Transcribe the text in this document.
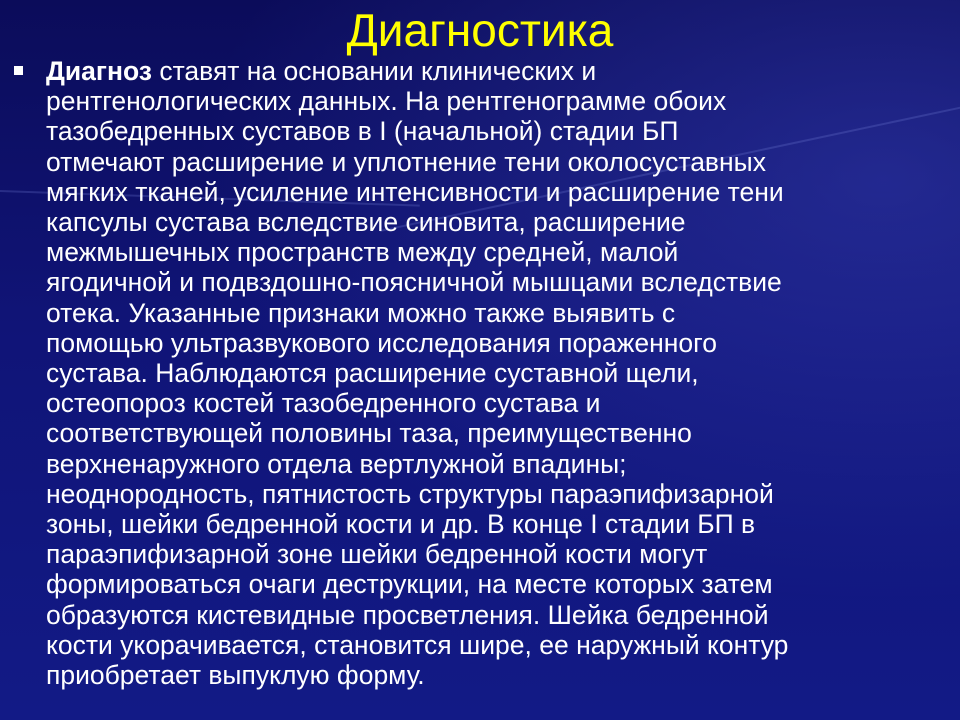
Диагностика

Диагноз ставят на основании клинических и
рентгенологических данных. На рентгенограмме обоих
тазобедренных суставов в I (начальной) стадии БП
отмечают расширение и уплотнение тени околосуставных
мягких тканей, усиление интенсивности и расширение тени
капсулы сустава вследствие синовита, расширение
межмышечных пространств между средней, малой
ягодичной и подвздошно-поясничной мышцами вследствие
отека. Указанные признаки можно также выявить с
помощью ультразвукового исследования пораженного
сустава. Наблюдаются расширение суставной щели,
остеопороз костей тазобедренного сустава и
соответствующей половины таза, преимущественно
верхненаружного отдела вертлужной впадины;
неоднородность, пятнистость структуры параэпифизарной
зоны, шейки бедренной кости и др. В конце I стадии БП в
параэпифизарной зоне шейки бедренной кости могут
формироваться очаги деструкции, на месте которых затем
образуются кистевидные просветления. Шейка бедренной
кости укорачивается, становится шире, ее наружный контур
приобретает выпуклую форму.
